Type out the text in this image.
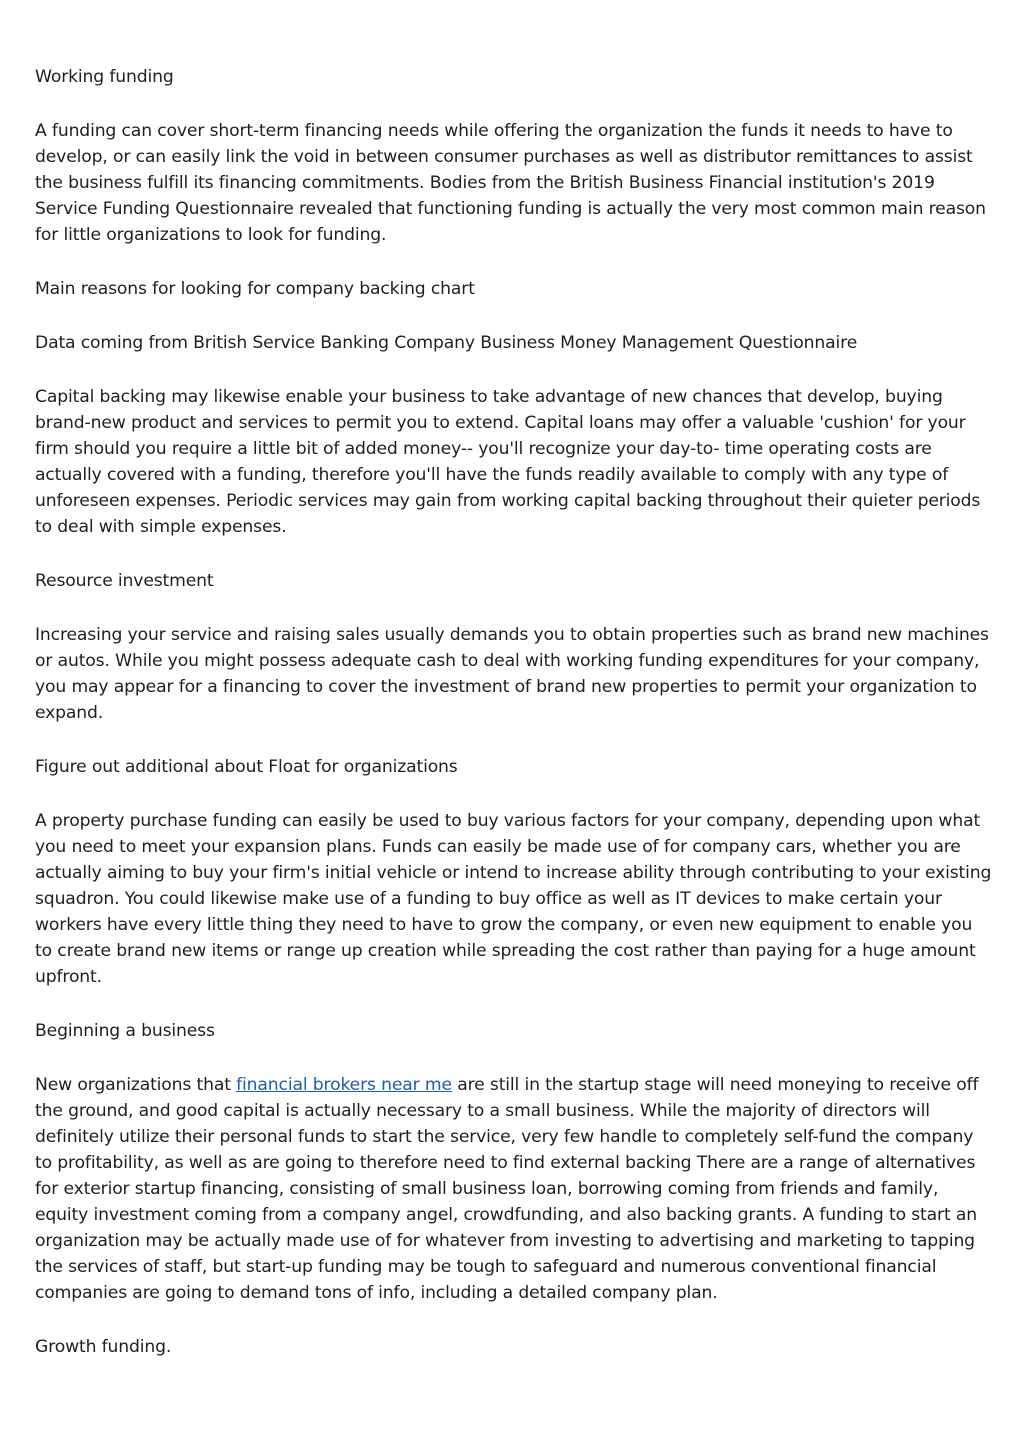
Working funding

A funding can cover short-term financing needs while offering the organization the funds it needs to have to develop, or can easily link the void in between consumer purchases as well as distributor remittances to assist the business fulfill its financing commitments. Bodies from the British Business Financial institution's 2019 Service Funding Questionnaire revealed that functioning funding is actually the very most common main reason for little organizations to look for funding.

Main reasons for looking for company backing chart

Data coming from British Service Banking Company Business Money Management Questionnaire

Capital backing may likewise enable your business to take advantage of new chances that develop, buying brand-new product and services to permit you to extend. Capital loans may offer a valuable 'cushion' for your firm should you require a little bit of added money-- you'll recognize your day-to- time operating costs are actually covered with a funding, therefore you'll have the funds readily available to comply with any type of unforeseen expenses. Periodic services may gain from working capital backing throughout their quieter periods to deal with simple expenses.

Resource investment

Increasing your service and raising sales usually demands you to obtain properties such as brand new machines or autos. While you might possess adequate cash to deal with working funding expenditures for your company, you may appear for a financing to cover the investment of brand new properties to permit your organization to expand.

Figure out additional about Float for organizations

A property purchase funding can easily be used to buy various factors for your company, depending upon what you need to meet your expansion plans. Funds can easily be made use of for company cars, whether you are actually aiming to buy your firm's initial vehicle or intend to increase ability through contributing to your existing squadron. You could likewise make use of a funding to buy office as well as IT devices to make certain your workers have every little thing they need to have to grow the company, or even new equipment to enable you to create brand new items or range up creation while spreading the cost rather than paying for a huge amount upfront.

Beginning a business

New organizations that financial brokers near me are still in the startup stage will need moneying to receive off the ground, and good capital is actually necessary to a small business. While the majority of directors will definitely utilize their personal funds to start the service, very few handle to completely self-fund the company to profitability, as well as are going to therefore need to find external backing There are a range of alternatives for exterior startup financing, consisting of small business loan, borrowing coming from friends and family, equity investment coming from a company angel, crowdfunding, and also backing grants. A funding to start an organization may be actually made use of for whatever from investing to advertising and marketing to tapping the services of staff, but start-up funding may be tough to safeguard and numerous conventional financial companies are going to demand tons of info, including a detailed company plan.

Growth funding.
